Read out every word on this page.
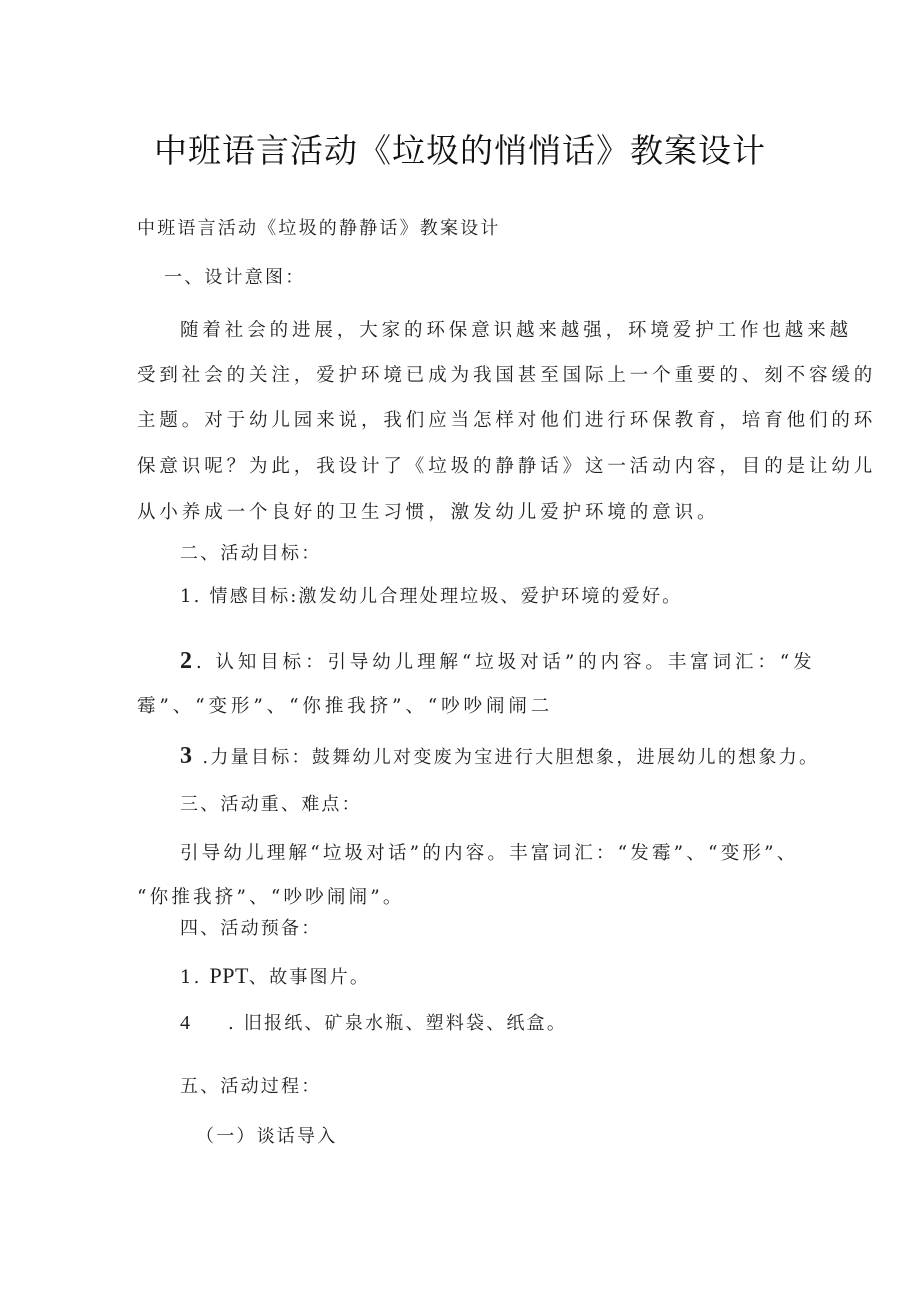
中班语言活动《垃圾的悄悄话》教案设计
中班语言活动《垃圾的静静话》教案设计
一、设计意图：
随着社会的进展，大家的环保意识越来越强，环境爱护工作也越来越
受到社会的关注，爱护环境已成为我国甚至国际上一个重要的、刻不容缓的
主题。对于幼儿园来说，我们应当怎样对他们进行环保教育，培育他们的环
保意识呢？为此，我设计了《垃圾的静静话》这一活动内容，目的是让幼儿
从小养成一个良好的卫生习惯，激发幼儿爱护环境的意识。
二、活动目标：
1. 情感目标:激发幼儿合理处理垃圾、爱护环境的爱好。
2. 认知目标：引导幼儿理解“垃圾对话”的内容。丰富词汇：“发
霉”、“变形”、“你推我挤”、“吵吵闹闹二
3 .力量目标：鼓舞幼儿对变废为宝进行大胆想象，进展幼儿的想象力。
三、活动重、难点：
引导幼儿理解“垃圾对话”的内容。丰富词汇：“发霉”、“变形”、
“你推我挤”、“吵吵闹闹”。
四、活动预备：
1. PPT、故事图片。
4 . 旧报纸、矿泉水瓶、塑料袋、纸盒。
五、活动过程：
（一）谈话导入
